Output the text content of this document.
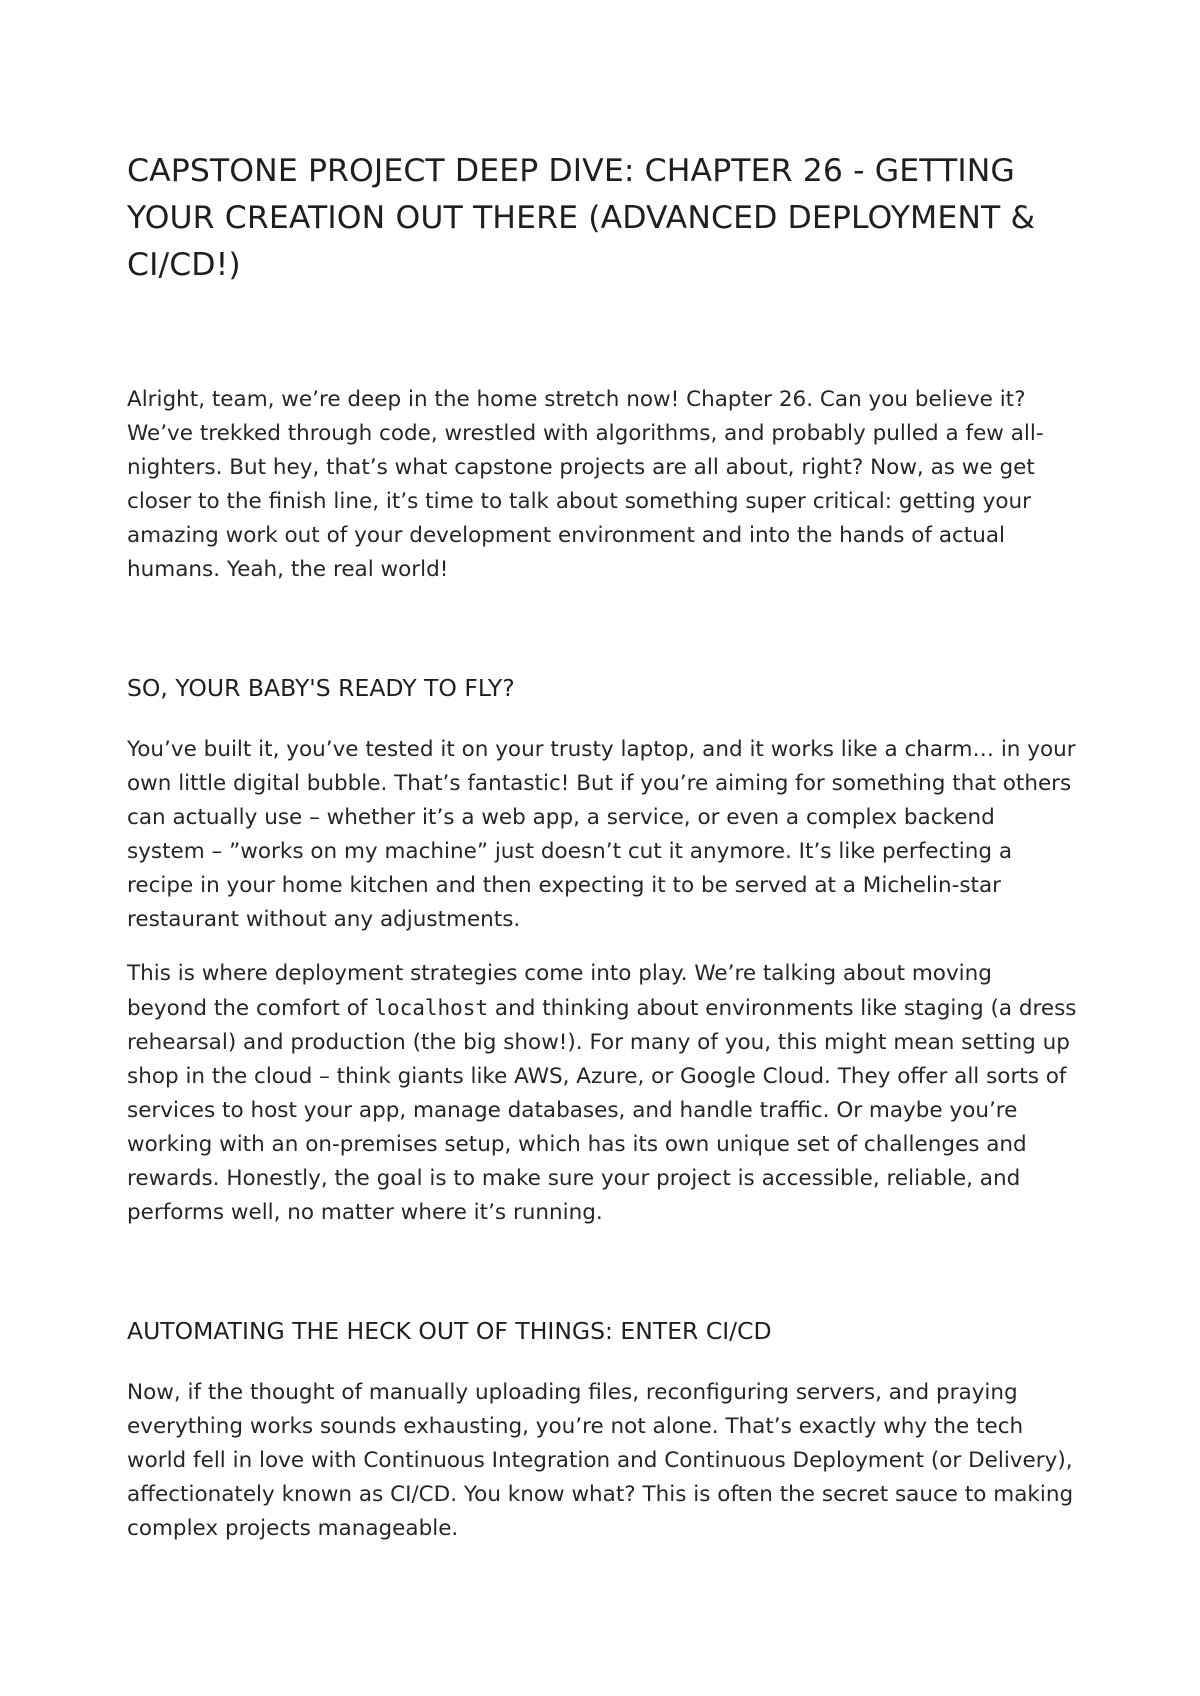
CAPSTONE PROJECT DEEP DIVE: CHAPTER 26 - GETTING YOUR CREATION OUT THERE (ADVANCED DEPLOYMENT & CI/CD!)

Alright, team, we’re deep in the home stretch now! Chapter 26. Can you believe it? We’ve trekked through code, wrestled with algorithms, and probably pulled a few all-nighters. But hey, that’s what capstone projects are all about, right? Now, as we get closer to the finish line, it’s time to talk about something super critical: getting your amazing work out of your development environment and into the hands of actual humans. Yeah, the real world!

SO, YOUR BABY'S READY TO FLY?

You’ve built it, you’ve tested it on your trusty laptop, and it works like a charm… in your own little digital bubble. That’s fantastic! But if you’re aiming for something that others can actually use – whether it’s a web app, a service, or even a complex backend system – ”works on my machine” just doesn’t cut it anymore. It’s like perfecting a recipe in your home kitchen and then expecting it to be served at a Michelin-star restaurant without any adjustments.

This is where deployment strategies come into play. We’re talking about moving beyond the comfort of localhost and thinking about environments like staging (a dress rehearsal) and production (the big show!). For many of you, this might mean setting up shop in the cloud – think giants like AWS, Azure, or Google Cloud. They offer all sorts of services to host your app, manage databases, and handle traffic. Or maybe you’re working with an on-premises setup, which has its own unique set of challenges and rewards. Honestly, the goal is to make sure your project is accessible, reliable, and performs well, no matter where it’s running.

AUTOMATING THE HECK OUT OF THINGS: ENTER CI/CD

Now, if the thought of manually uploading files, reconfiguring servers, and praying everything works sounds exhausting, you’re not alone. That’s exactly why the tech world fell in love with Continuous Integration and Continuous Deployment (or Delivery), affectionately known as CI/CD. You know what? This is often the secret sauce to making complex projects manageable.
